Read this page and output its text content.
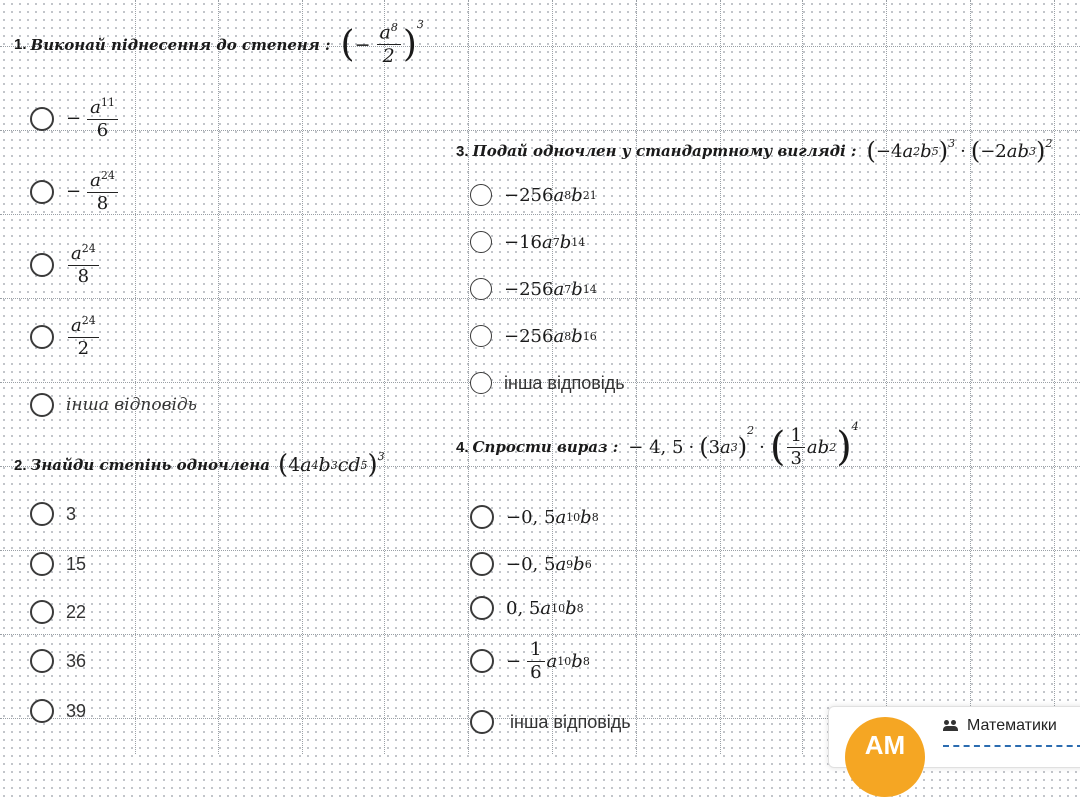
1. Виконай піднесення до степеня : ( − $\frac{a^8}{2} )^3$
− $\frac{a^{11}}{6}$
− $\frac{a^{24}}{8}$
$\frac{a^{24}}{8}$
$\frac{a^{24}}{2}$
інша відповідь
2. Знайди степінь одночлена ( 4 a 4 b 3 cd 5 )$^3$
3
15
22
36
39
3. Подай одночлен у стандартному вигляді : ( −4 a 2 b 5 )$^3$ · ( −2 ab 3 )$^2$
−256 a 8 b 21
−16 a 7 b 14
−256 a 7 b 14
−256 a 8 b 16
інша відповідь
4. Спрости вираз : − 4, 5 · ( 3 a 3 )
$^2$
· ( $\frac{1}{3}$ ab 2 )$^4$
−0, 5 a 10 b 8
−0, 5 a 9 b 6
0, 5 a 10 b 8
− $\frac{1}{6}$ a 10 b 8
інша відповідь
АМ
Математики
